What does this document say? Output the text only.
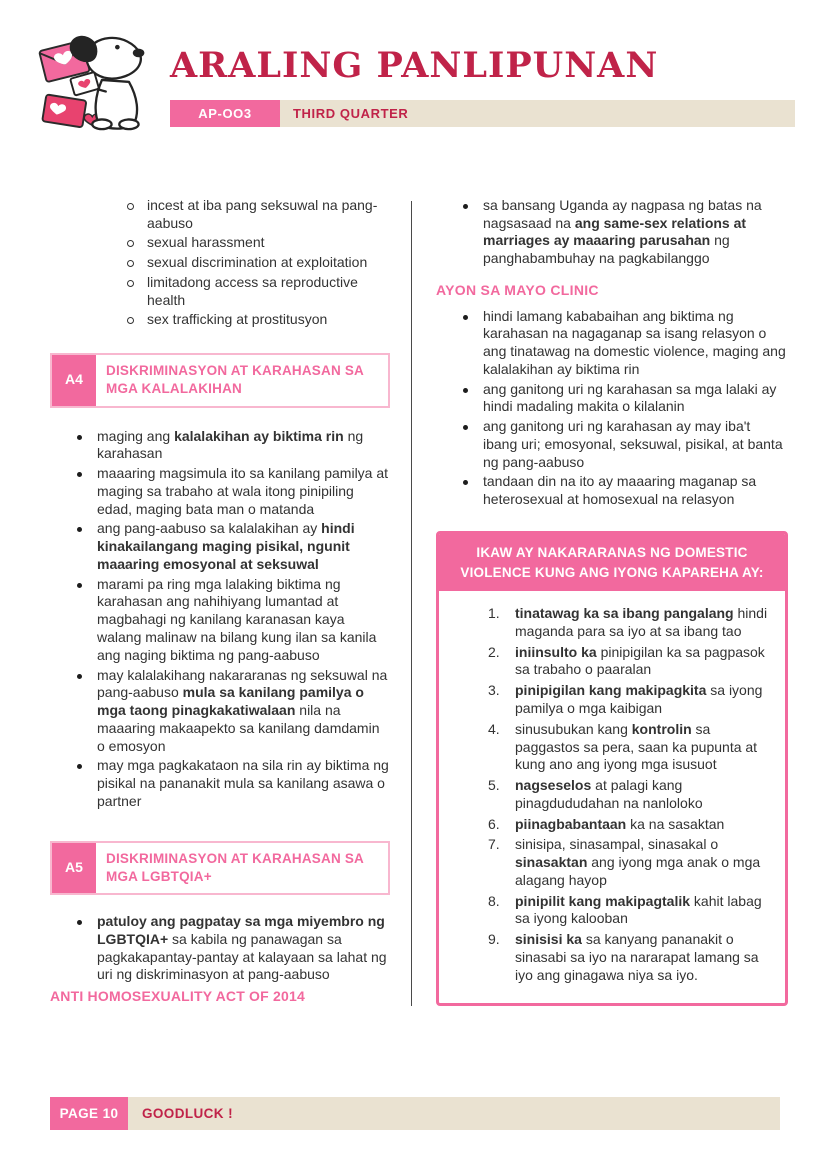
ARALING PANLIPUNAN
AP-OO3	THIRD QUARTER
incest at iba pang seksuwal na pang-aabuso
sexual harassment
sexual discrimination at exploitation
limitadong access sa reproductive health
sex trafficking at prostitusyon
A4
DISKRIMINASYON AT KARAHASAN SA MGA KALALAKIHAN
maging ang kalalakihan ay biktima rin ng karahasan
maaaring magsimula ito sa kanilang pamilya at maging sa trabaho at wala itong pinipiling edad, maging bata man o matanda
ang pang-aabuso sa kalalakihan ay hindi kinakailangang maging pisikal, ngunit maaaring emosyonal at seksuwal
marami pa ring mga lalaking biktima ng karahasan ang nahihiyang lumantad at magbahagi ng kanilang karanasan kaya walang malinaw na bilang kung ilan sa kanila ang naging biktima ng pang-aabuso
may kalalakihang nakararanas ng seksuwal na pang-aabuso mula sa kanilang pamilya o mga taong pinagkakatiwalaan nila na maaaring makaapekto sa kanilang damdamin o emosyon
may mga pagkakataon na sila rin ay biktima ng pisikal na pananakit mula sa kanilang asawa o partner
A5
DISKRIMINASYON AT KARAHASAN SA MGA LGBTQIA+
patuloy ang pagpatay sa mga miyembro ng LGBTQIA+ sa kabila ng panawagan sa pagkakapantay-pantay at kalayaan sa lahat ng uri ng diskriminasyon at pang-aabuso
ANTI HOMOSEXUALITY ACT OF 2014
sa bansang Uganda ay nagpasa ng batas na nagsasaad na ang same-sex relations at marriages ay maaaring parusahan ng panghabambuhay na pagkabilanggo
AYON SA MAYO CLINIC
hindi lamang kababaihan ang biktima ng karahasan na nagaganap sa isang relasyon o ang tinatawag na domestic violence, maging ang kalalakihan ay biktima rin
ang ganitong uri ng karahasan sa mga lalaki ay hindi madaling makita o kilalanin
ang ganitong uri ng karahasan ay may iba't ibang uri; emosyonal, seksuwal, pisikal, at banta ng pang-aabuso
tandaan din na ito ay maaaring maganap sa heterosexual at homosexual na relasyon
IKAW AY NAKARARANAS NG DOMESTIC VIOLENCE KUNG ANG IYONG KAPAREHA AY:
tinatawag ka sa ibang pangalang hindi maganda para sa iyo at sa ibang tao
iniinsulto ka pinipigilan ka sa pagpasok sa trabaho o paaralan
pinipigilan kang makipagkita sa iyong pamilya o mga kaibigan
sinusubukan kang kontrolin sa paggastos sa pera, saan ka pupunta at kung ano ang iyong mga isusuot
nagseselos at palagi kang pinagdududahan na nanloloko
piinagbabantaan ka na sasaktan
sinisipa, sinasampal, sinasakal o sinasaktan ang iyong mga anak o mga alagang hayop
pinipilit kang makipagtalik kahit labag sa iyong kalooban
sinisisi ka sa kanyang pananakit o sinasabi sa iyo na nararapat lamang sa iyo ang ginagawa niya sa iyo.
PAGE 10	GOODLUCK !
